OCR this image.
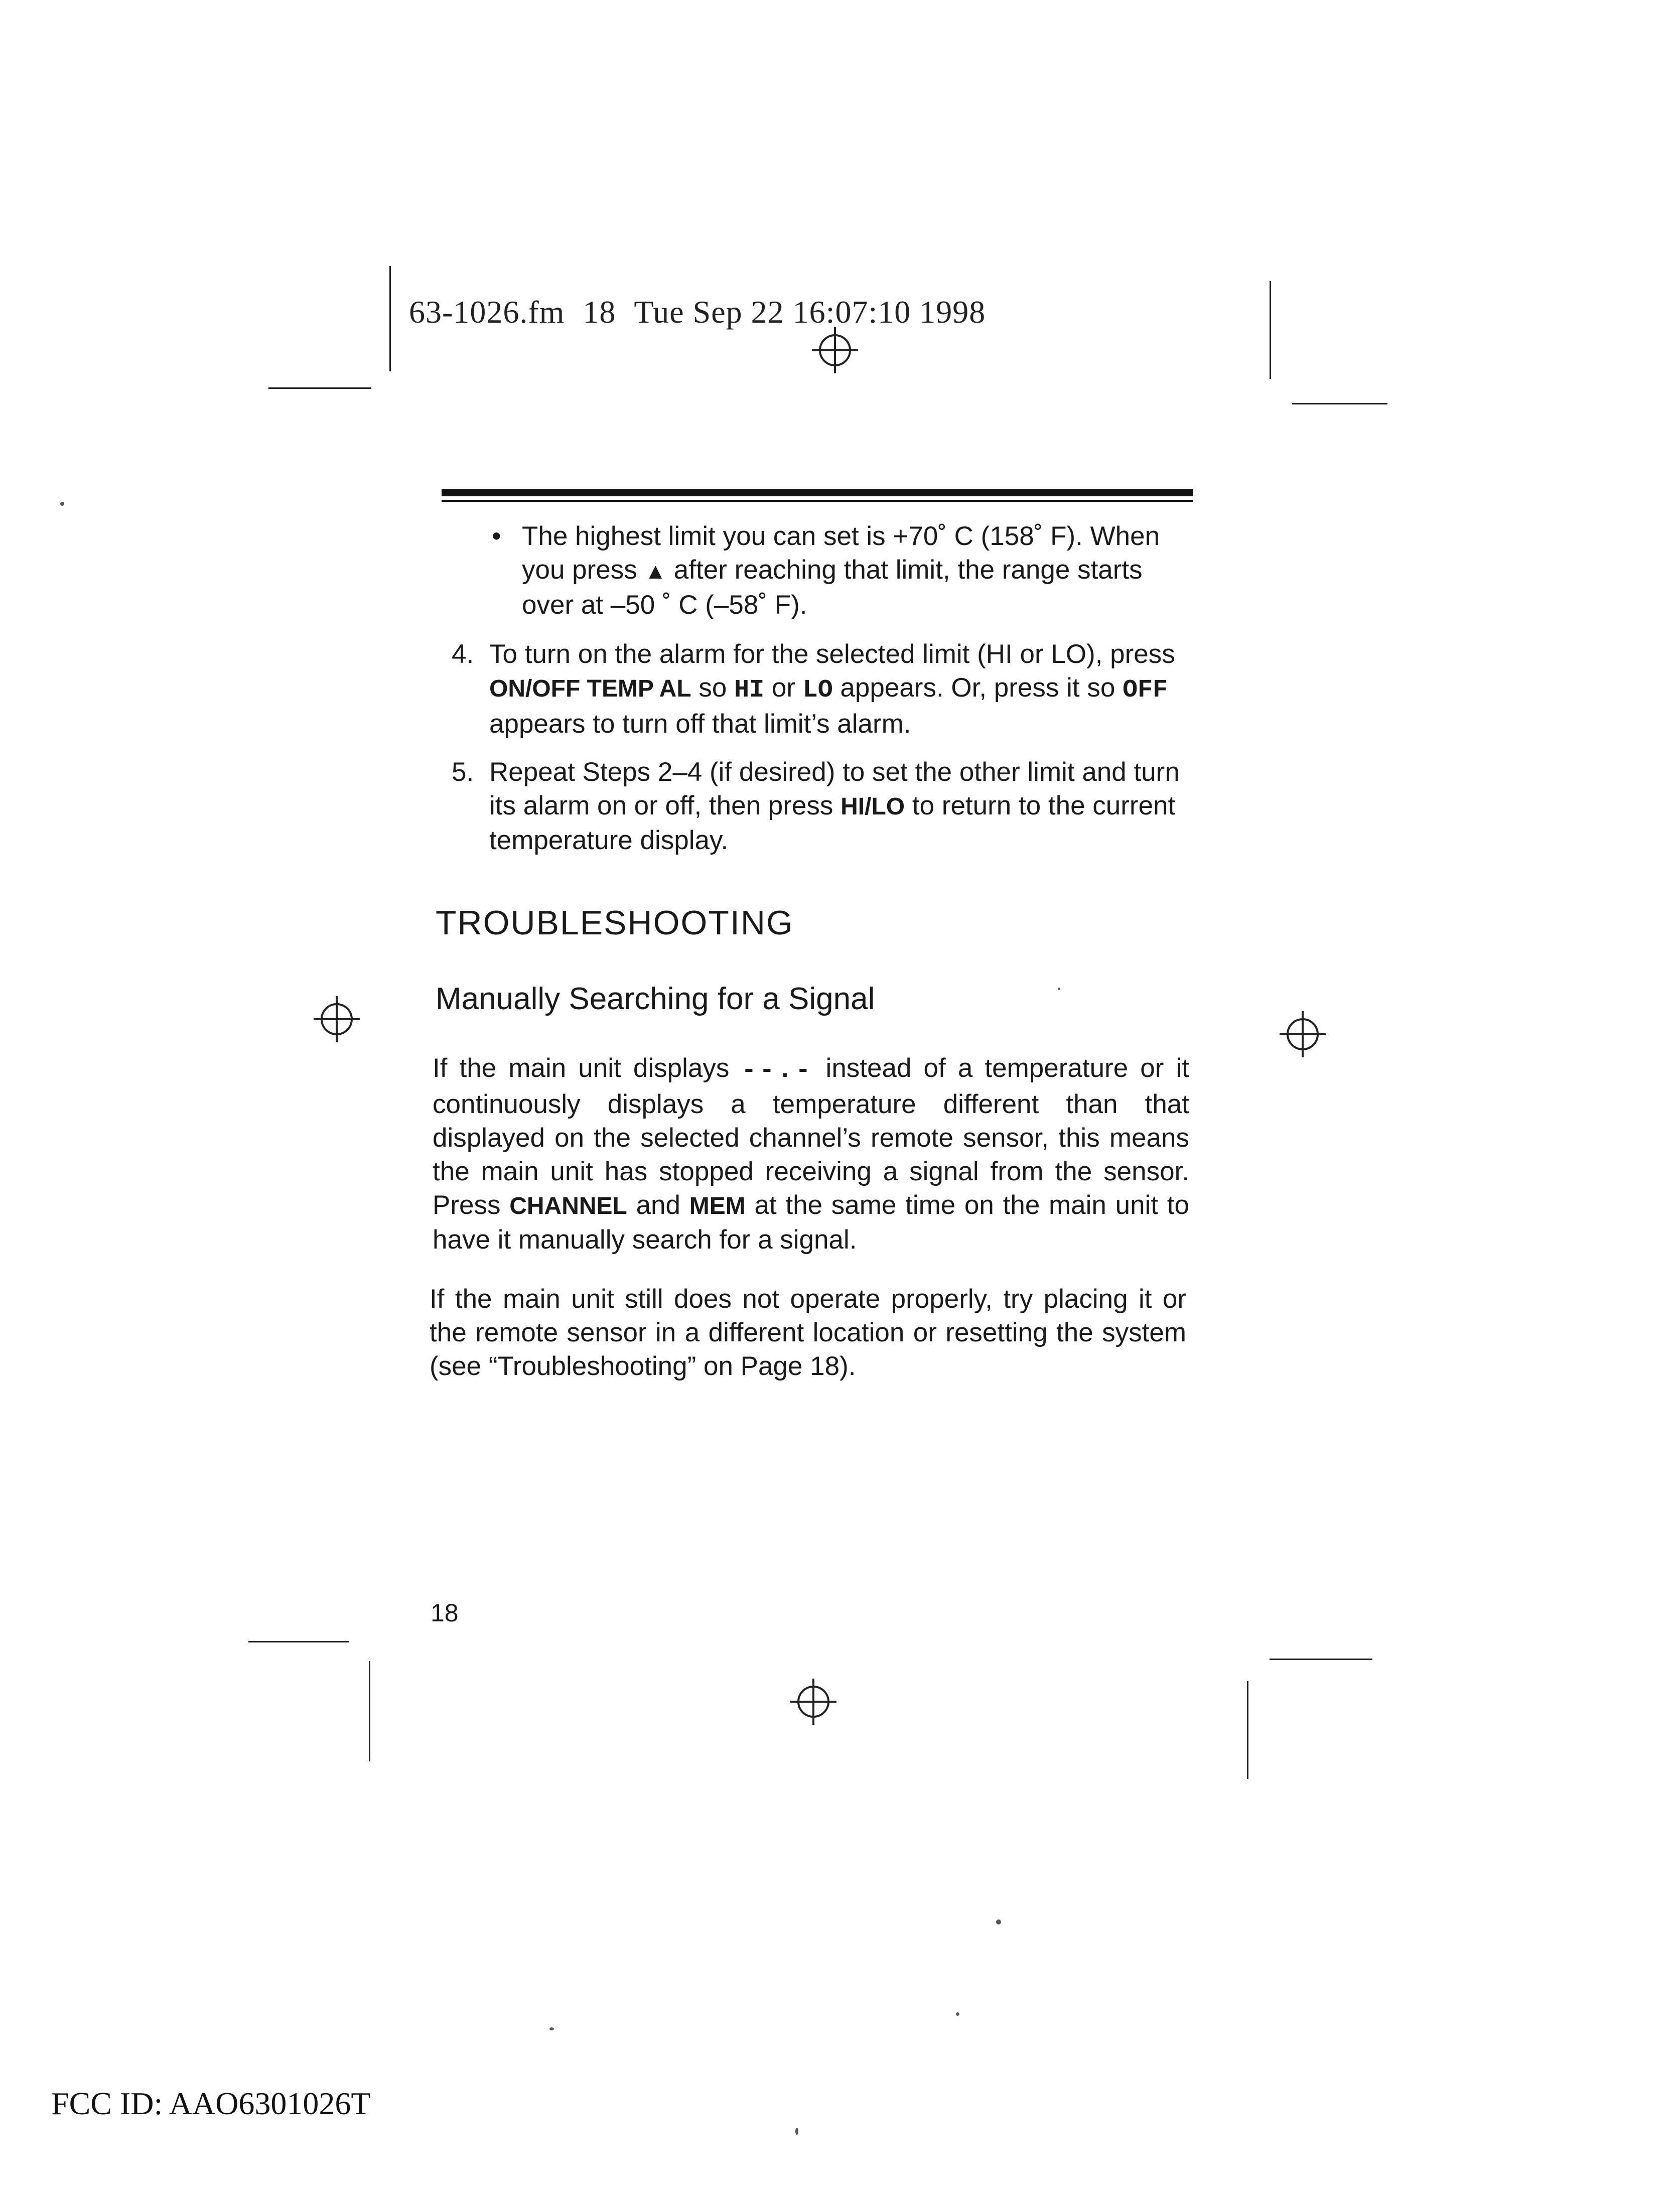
63-1026.fm 18 Tue Sep 22 16:07:10 1998
• The highest limit you can set is +70˚ C (158˚ F). When you press ▲ after reaching that limit, the range starts over at –50 ˚ C (–58˚ F).
4. To turn on the alarm for the selected limit (HI or LO), press ON/OFF TEMP AL so HI or LO appears. Or, press it so OFF appears to turn off that limit’s alarm.
5. Repeat Steps 2–4 (if desired) to set the other limit and turn its alarm on or off, then press HI/LO to return to the current temperature display.
TROUBLESHOOTING
Manually Searching for a Signal
If the main unit displays --.- instead of a temperature or it continuously displays a temperature different than that displayed on the selected channel’s remote sensor, this means the main unit has stopped receiving a signal from the sensor. Press CHANNEL and MEM at the same time on the main unit to have it manually search for a signal.
If the main unit still does not operate properly, try placing it or the remote sensor in a different location or resetting the system (see “Troubleshooting” on Page 18).
18
FCC ID: AAO6301026T
